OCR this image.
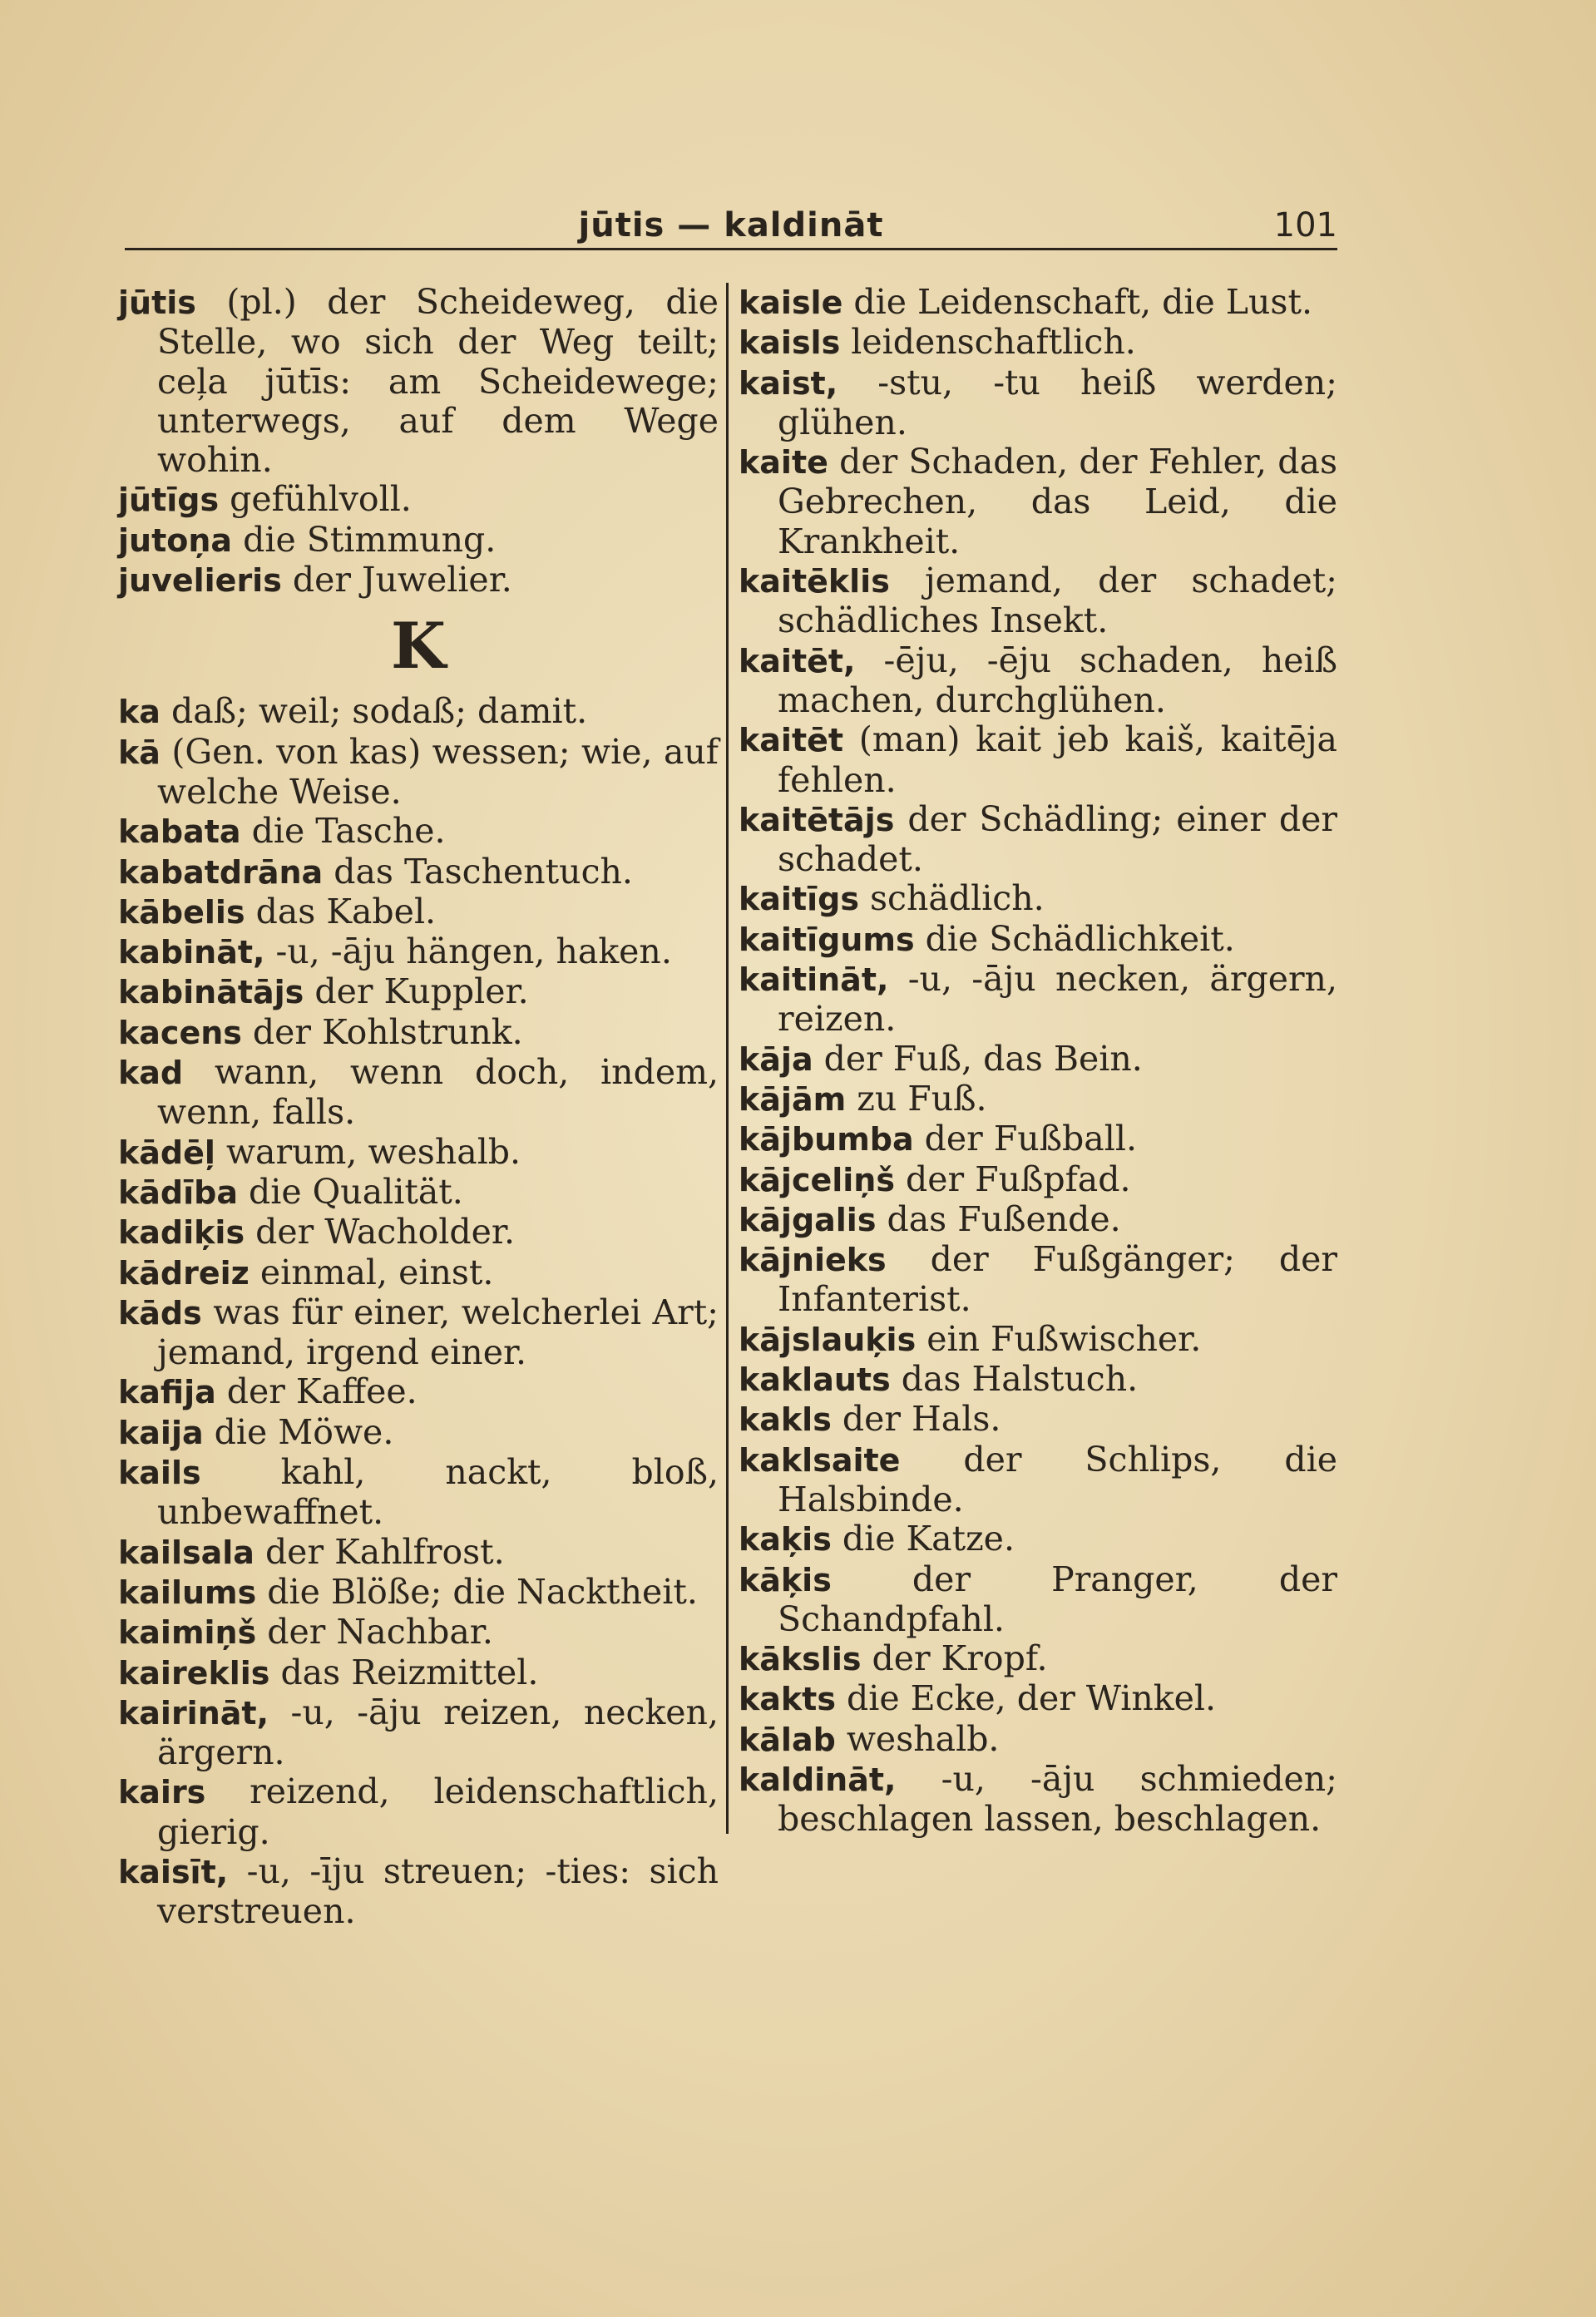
jūtis — kaldināt	101
jūtis (pl.) der Scheideweg, die Stelle, wo sich der Weg teilt; ceļa jūtīs: am Scheidewege; unterwegs, auf dem Wege wohin.
jūtīgs gefühlvoll.
jutoņa die Stimmung.
juvelieris der Juwelier.
K
ka daß; weil; sodaß; damit.
kā (Gen. von kas) wessen; wie, auf welche Weise.
kabata die Tasche.
kabatdrāna das Taschentuch.
kābelis das Kabel.
kabināt, -u, -āju hängen, haken.
kabinātājs der Kuppler.
kacens der Kohlstrunk.
kad wann, wenn doch, indem, wenn, falls.
kādēļ warum, weshalb.
kādība die Qualität.
kadiķis der Wacholder.
kādreiz einmal, einst.
kāds was für einer, welcherlei Art; jemand, irgend einer.
kafija der Kaffee.
kaija die Möwe.
kails kahl, nackt, bloß, unbewaffnet.
kailsala der Kahlfrost.
kailums die Blöße; die Nacktheit.
kaimiņš der Nachbar.
kaireklis das Reizmittel.
kairināt, -u, -āju reizen, necken, ärgern.
kairs reizend, leidenschaftlich, gierig.
kaisīt, -u, -īju streuen; -ties: sich verstreuen.
kaisle die Leidenschaft, die Lust.
kaisls leidenschaftlich.
kaist, -stu, -tu heiß werden; glühen.
kaite der Schaden, der Fehler, das Gebrechen, das Leid, die Krankheit.
kaitēklis jemand, der schadet; schädliches Insekt.
kaitēt, -ēju, -ēju schaden, heiß machen, durchglühen.
kaitēt (man) kait jeb kaiš, kaitēja fehlen.
kaitētājs der Schädling; einer der schadet.
kaitīgs schädlich.
kaitīgums die Schädlichkeit.
kaitināt, -u, -āju necken, ärgern, reizen.
kāja der Fuß, das Bein.
kājām zu Fuß.
kājbumba der Fußball.
kājceliņš der Fußpfad.
kājgalis das Fußende.
kājnieks der Fußgänger; der Infanterist.
kājslauķis ein Fußwischer.
kaklauts das Halstuch.
kakls der Hals.
kaklsaite der Schlips, die Halsbinde.
kaķis die Katze.
kāķis der Pranger, der Schandpfahl.
kākslis der Kropf.
kakts die Ecke, der Winkel.
kālab weshalb.
kaldināt, -u, -āju schmieden; beschlagen lassen, beschlagen.
